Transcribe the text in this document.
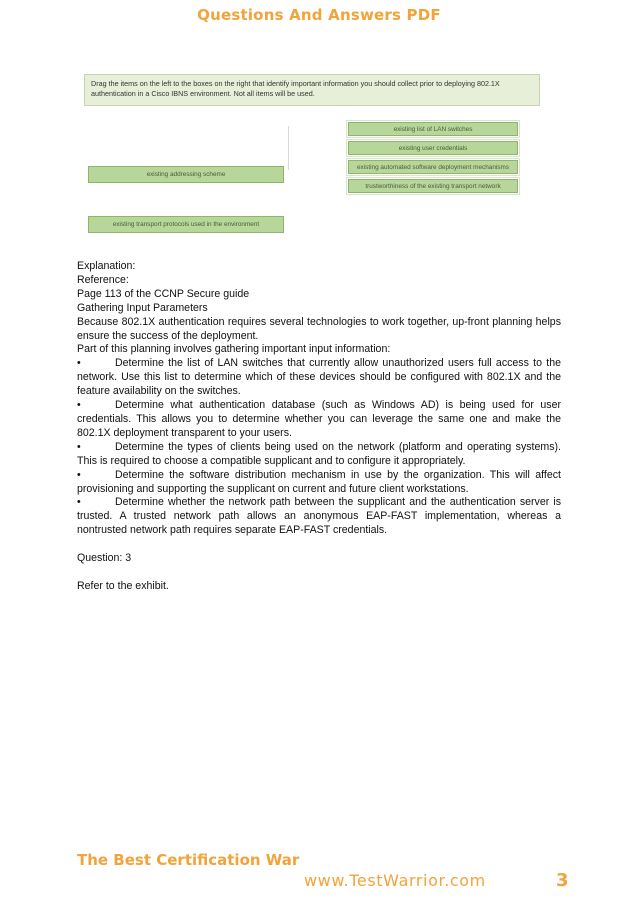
Questions And Answers PDF
Drag the items on the left to the boxes on the right that identify important information you should collect prior to deploying 802.1X authentication in a Cisco IBNS environment. Not all items will be used.
existing addressing scheme
existing transport protocols used in the environment
existing list of LAN switches
existing user credentials
existing automated software deployment mechanisms
trustworthiness of the existing transport network

Explanation:

Reference:

Page 113 of the CCNP Secure guide

Gathering Input Parameters

Because 802.1X authentication requires several technologies to work together, up-front planning helps ensure the success of the deployment.

Part of this planning involves gathering important input information:

•	Determine the list of LAN switches that currently allow unauthorized users full access to the network. Use this list to determine which of these devices should be configured with 802.1X and the feature availability on the switches.

•	Determine what authentication database (such as Windows AD) is being used for user credentials. This allows you to determine whether you can leverage the same one and make the 802.1X deployment transparent to your users.

•	Determine the types of clients being used on the network (platform and operating systems). This is required to choose a compatible supplicant and to configure it appropriately.

•	Determine the software distribution mechanism in use by the organization. This will affect provisioning and supporting the supplicant on current and future client workstations.

•	Determine whether the network path between the supplicant and the authentication server is trusted. A trusted network path allows an anonymous EAP-FAST implementation, whereas a nontrusted network path requires separate EAP-FAST credentials.

Question: 3

Refer to the exhibit.

The Best Certification War
www.TestWarrior.com	3
